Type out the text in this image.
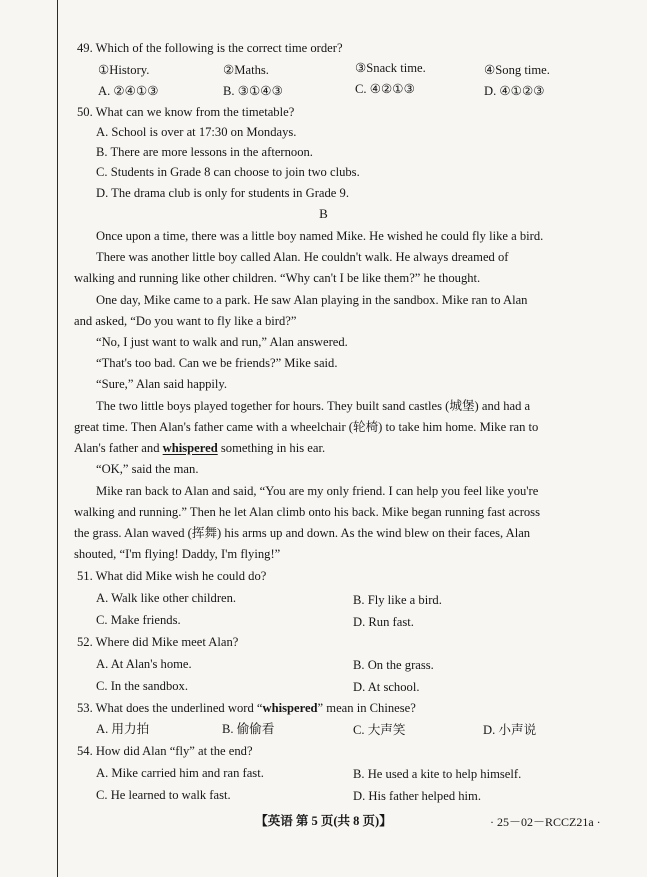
49. Which of the following is the correct time order?
①History.	②Maths.	③Snack time.	④Song time.
A. ②④①③	B. ③①④③	C. ④②①③	D. ④①②③
50. What can we know from the timetable?
A. School is over at 17:30 on Mondays.
B. There are more lessons in the afternoon.
C. Students in Grade 8 can choose to join two clubs.
D. The drama club is only for students in Grade 9.
B
Once upon a time, there was a little boy named Mike. He wished he could fly like a bird.
There was another little boy called Alan. He couldn't walk. He always dreamed of
walking and running like other children. “Why can't I be like them?” he thought.
One day, Mike came to a park. He saw Alan playing in the sandbox. Mike ran to Alan
and asked, “Do you want to fly like a bird?”
“No, I just want to walk and run,” Alan answered.
“That's too bad. Can we be friends?” Mike said.
“Sure,” Alan said happily.
The two little boys played together for hours. They built sand castles (城堡) and had a
great time. Then Alan's father came with a wheelchair (轮椅) to take him home. Mike ran to
Alan's father and whispered something in his ear.
“OK,” said the man.
Mike ran back to Alan and said, “You are my only friend. I can help you feel like you're
walking and running.” Then he let Alan climb onto his back. Mike began running fast across
the grass. Alan waved (挥舞) his arms up and down. As the wind blew on their faces, Alan
shouted, “I'm flying! Daddy, I'm flying!”
51. What did Mike wish he could do?
A. Walk like other children.	B. Fly like a bird.
C. Make friends.	D. Run fast.
52. Where did Mike meet Alan?
A. At Alan's home.	B. On the grass.
C. In the sandbox.	D. At school.
53. What does the underlined word “whispered” mean in Chinese?
A. 用力拍	B. 偷偷看	C. 大声笑	D. 小声说
54. How did Alan “fly” at the end?
A. Mike carried him and ran fast.	B. He used a kite to help himself.
C. He learned to walk fast.	D. His father helped him.
【英语 第 5 页(共 8 页)】	· 25－02－RCCZ21a ·
